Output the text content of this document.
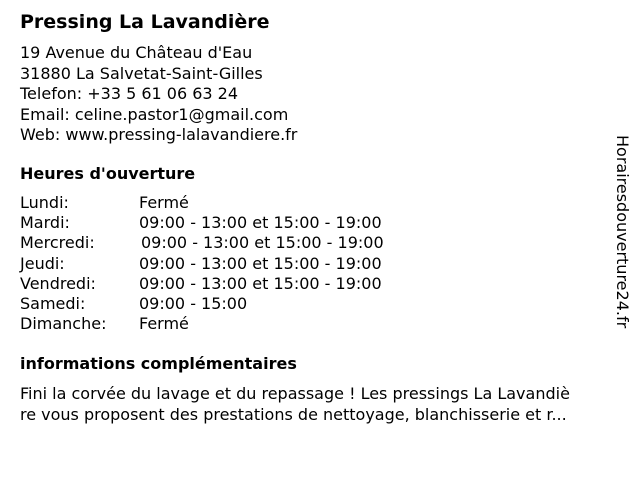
Pressing La Lavandière
19 Avenue du Château d'Eau
31880 La Salvetat-Saint-Gilles
Telefon: +33 5 61 06 63 24
Email: celine.pastor1@gmail.com
Web: www.pressing-lalavandiere.fr
Heures d'ouverture
Lundi:	Fermé
Mardi:	09:00 - 13:00 et 15:00 - 19:00
Mercredi:	09:00 - 13:00 et 15:00 - 19:00
Jeudi:	09:00 - 13:00 et 15:00 - 19:00
Vendredi:	09:00 - 13:00 et 15:00 - 19:00
Samedi:	09:00 - 15:00
Dimanche: Fermé
informations complémentaires
Fini la corvée du lavage et du repassage ! Les pressings La Lavandiè
re vous proposent des prestations de nettoyage, blanchisserie et r...
Horairesdouverture24.fr
